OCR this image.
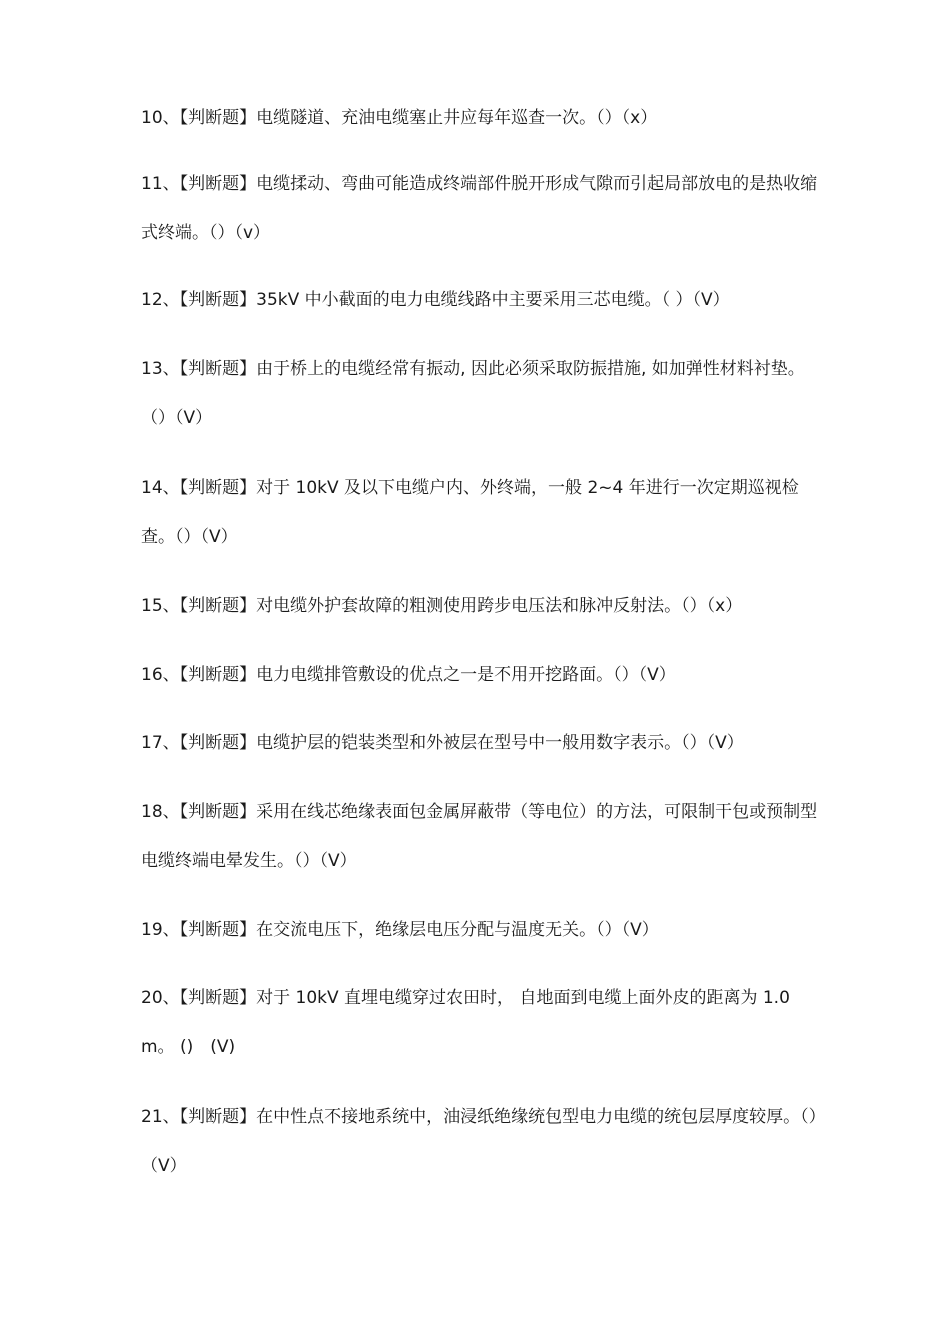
10、【判断题】电缆隧道、充油电缆塞止井应每年巡查一次。（）（x）

11、【判断题】电缆揉动、弯曲可能造成终端部件脱开形成气隙而引起局部放电的是热收缩式终端。（）（v）

12、【判断题】35kV 中小截面的电力电缆线路中主要采用三芯电缆。（ ）（V）

13、【判断题】由于桥上的电缆经常有振动, 因此必须采取防振措施, 如加弹性材料衬垫。（）（V）

14、【判断题】对于 10kV 及以下电缆户内、外终端，一般 2~4 年进行一次定期巡视检查。（）（V）

15、【判断题】对电缆外护套故障的粗测使用跨步电压法和脉冲反射法。（）（x）

16、【判断题】电力电缆排管敷设的优点之一是不用开挖路面。（）（V）

17、【判断题】电缆护层的铠装类型和外被层在型号中一般用数字表示。（）（V）

18、【判断题】采用在线芯绝缘表面包金属屏蔽带（等电位）的方法，可限制干包或预制型电缆终端电晕发生。（）（V）

19、【判断题】在交流电压下，绝缘层电压分配与温度无关。（）（V）

20、【判断题】对于 10kV 直埋电缆穿过农田时， 自地面到电缆上面外皮的距离为 1.0m。 ()　(V)

21、【判断题】在中性点不接地系统中，油浸纸绝缘统包型电力电缆的统包层厚度较厚。（）（V）
